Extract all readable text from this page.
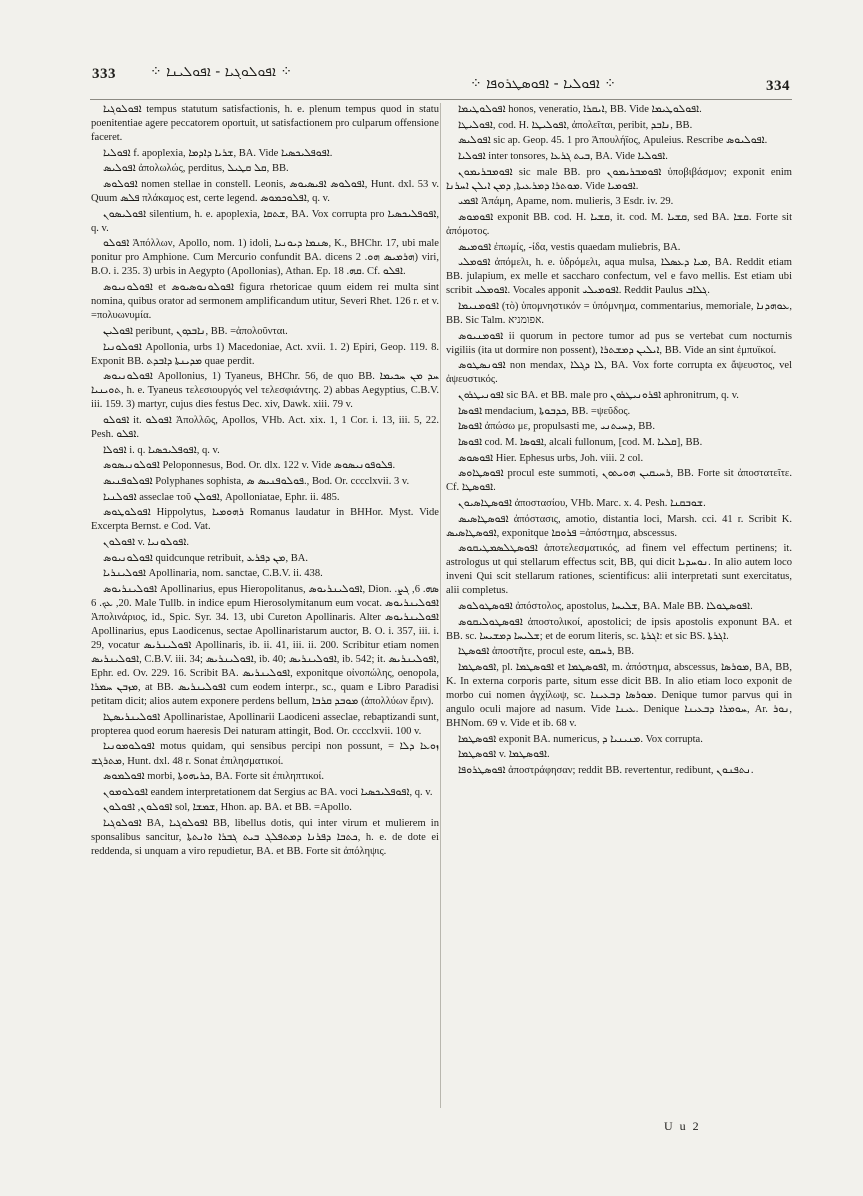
333 ⁘ ܐܦܘܠܘܓܝܐ - ܐܦܘܠܝܢܐ ⁘
⁘ ܐܦܘܠܝܐ - ܐܦܘܣܛܪܘܦܐ ⁘	334

ܐܦܘܠܘܓܝܐ tempus statutum satisfactionis, h. e. plenum tempus quod in statu poenitentiae agere peccatorem oportuit, ut satisfactionem pro culparum offensione faceret.

ܐܦܘܠܝܐ f. apoplexia, ܫܪܝܐ ܕܐܕܡܐ, BA. Vide ܐܦܘܦܠܝܟܣܝܐ.

ܐܦܘܠܝܣ ἀπολωλώς, perditus, ܩܠ ܩܛܝܠ, BB.

ܐܦܘܠܘܣ nomen stellae in constell. Leonis, ܐܦܘܠܘܣ ܐܦܝܣܝܘܣ, Hunt. dxl. 53 v. Quum ܦܠܣ πλάκαμος est, certe legend. ܐܦܠܘܟܡܘܣ, q. v.

ܐܦܘܠܝܣܘܢ silentium, h. e. apoplexia, ܫܬܩܐ, BA. Vox corrupta pro ܐܦܘܦܠܝܟܣܝܐ, q. v.

ܐܦܘܠܘ Ἀπόλλων, Apollo, nom. 1) idoli, ܣܢܡܐ ܕܝܘܢܝܐ, K., BHChr. 17, ubi male ponitur pro Amphione. Cum Mercurio confundit BA. dicens ܗܪܡܝܣ ܗܘ. 2) viri, B.O. i. 235. 3) urbis in Aegypto (Apollonias), Athan. Ep. ܩܗ. 18. Cf. ܐܦܠܘ.

ܐܦܘܠܘܢܝܘܣ et ܐܦܘܠܘܢܘܣܝܘܣ figura rhetoricae quum eidem rei multa sint nomina, quibus orator ad sermonem amplificandum utitur, Severi Rhet. 126 r. et v. =πολυωνυμία.

ܐܦܘܠܝܢ peribunt, ܢܐܒܕܘܢ, BB. =ἀπολοῦνται.

ܐܦܘܠܘܢܝܐ Apollonia, urbs 1) Macedoniae, Act. xvii. 1. 2) Epiri, Geop. 119. 8. Exponit BB. ܡܕܝܢܬܐ ܕܐܒܕܬ quae perdit.

ܐܦܘܠܘܢܝܘܣ Apollonius, 1) Tyaneus, BHChr. 56, de quo BB. ܚܕ ܡܢ ܚܟܝܡܐ ܬܘܝܢܝܐ, h. e. Tyaneus τελεσιουργός vel τελεσφιάντης. 2) abbas Aegyptius, C.B.V. iii. 159. 3) martyr, cujus dies festus Dec. xiv, Dawk. xiii. 79 v.

ܐܦܘܠܘ it. ܐܦܘܠܘ Ἀπολλῶς, Apollos, VHb. Act. xix. 1, 1 Cor. i. 13, iii. 5, 22. Pesh. ܐܦܠܘ.

ܐܦܘܠܐ i. q. ܐܦܘܦܠܝܟܣܝܐ, q. v.

ܐܦܘܠܘܢܝܣܘܣ Peloponnesus, Bod. Or. dlx. 122 v. Vide ܦܠܘܦܘܢܝܣܘܣ.

ܐܦܘܠܘܦܢܝܣ Polyphanes sophista, ܦܘܠܘܦܢܝܣ ܣ., Bod. Or. cccclxvii. 3 v.

ܐܦܘܠܢܝܐ asseclae τοῦ ܐܦܘܠܢ, Apolloniatae, Ephr. ii. 485.

ܐܦܘܠܘܛܘܣ Hippolytus, ܪܗܘܡܝܐ Romanus laudatur in BHHor. Myst. Vide Excerpta Bernst. e Cod. Vat.

ܐܦܘܠܘܢ v. ܐܦܘܠܘܢܝܐ.

ܐܦܘܠܘܢܝܘܣ quidcunque retribuit, ܡܢ ܕܦܪܥ, BA.

ܐܦܘܠܝܢܪܝܐ Apollinaria, nom. sanctae, C.B.V. ii. 438.

ܐܦܘܠܝܢܪܝܘܣ Apollinarius, epus Hieropolitanus, ܐܦܘܠܝܢܪܝܘܣ, Dion. ܣܗ. 6, ܓܨ. 20, ܥܟ. 6. Male Tullb. in indice epum Hierosolymitanum eum vocat. ܐܦܘܠܝܢܪܝܘܣ Ἀπολινάριος, id., Spic. Syr. 34. 13, ubi Cureton Apollinaris. Alter ܐܦܘܠܝܢܪܝܘܣ Apollinarius, epus Laodicenus, sectae Apollinaristarum auctor, B. O. i. 357, iii. i. 29, vocatur ܐܦܘܠܝܢܪܝܣ Apollinaris, ib. ii. 41, iii. ii. 200. Scribitur etiam nomen ܐܦܘܠܝܢܪܝܣ, C.B.V. iii. 34; ܐܦܘܠܝܢܪܝܣ, ib. 40; ܐܦܘܠܝܢܪܝܣ, ib. 542; it. ܐܦܘܠܝܢܪܝܣ, Ephr. ed. Ov. 229. 16. Scribit BA. ܐܦܘܠܝܢܪܝܣ, exponitque οἰνοπώλης, oenopola, ܡܙܒܢ ܚܡܪܐ, at BB. ܐܦܘܠܝܢܪܝܣ cum eodem interpr., sc., quam e Libro Paradisi petitam dicit; alios autem exponere perdens bellum, ܡܘܒܕ ܩܪܒܐ (ἀπολλύων ἔριν).

ܐܦܘܠܝܢܪܝܣܛܐ Apollinaristae, Apollinarii Laodiceni asseclae, rebaptizandi sunt, propterea quod eorum haeresis Dei naturam attingit, Bod. Or. cccclxvii. 100 v.

ܐܦܘܠܘܡܘܢܝܐ motus quidam, qui sensibus percipi non possunt, = ܙܘܥܐ ܕܠܐ ܡܬܪܓܫ, Hunt. dxl. 48 r. Sonat ἐπιλησματικοί.

ܐܦܘܠܡܘܣ morbi, ܟܪܝܗܘܬܐ, BA. Forte sit ἐπιληπτικοί.

ܐܦܘܠܘܡܘܢ eandem interpretationem dat Sergius ac BA. voci ܐܦܘܦܠܝܟܣܝܐ, q. v.

ܐܦܘܠܘܢ, ܐܦܘܠܘܢ sol, ܫܡܫܐ, Hhon. ap. BA. et BB. =Apollo.

ܐܦܘܠܘܓܝܐ BA, ܐܦܘܠܘܓܝܐ BB, libellus dotis, qui inter virum et mulierem in sponsalibus sancitur, ܟܬܒܐ ܕܦܪܢܐ ܕܡܬܦܠܓ ܒܝܬ ܓܒܪܐ ܘܐܢܬܬܐ, h. e. de dote ei reddenda, si unquam a viro repudietur, BA. et BB. Forte sit ἀπόληψις.

ܐܦܘܠܘܛܝܡܐ honos, veneratio, ܐܝܩܪܐ, BB. Vide ܐܦܘܠܘܛܝܡܐ.

ܐܦܘܠܝܛܐ, cod. H. ܐܦܘܠܝܛܐ, ἀπολεῖται, peribit, ܢܐܒܕ, BB.

ܐܦܘܠܝܣ sic ap. Geop. 45. 1 pro Ἀπουλήϊος, Apuleius. Rescribe ܐܦܘܠܝܘܣ.

ܐܦܘܠܝܐ inter tonsores, ܒܝܬ ܓܪܥܐ, BA. Vide ܐܦܘܠܝܐ.

ܐܦܘܡܒܪܝܡܘܢ sic male BB. pro ܐܦܘܡܒܪܝܡܘܢ ὑποβιβάσμον; exponit enim ܡܘܬܪܐ ܕܡܪܥܝܬܐ, ܕܡܢ ܐܝܠܢ ܐܚܪܢܐ. Vide ܐܦܘܡܝܐ.

ܐܦܡܝ Ἀπάμη, Apame, nom. mulieris, 3 Esdr. iv. 29.

ܐܦܘܡܘܣ exponit BB. cod. H. ܩܫܝܐ, it. cod. M. ܩܫܝܐ, sed BA. ܩܫܐ. Forte sit ἀπόμοτος.

ܐܦܘܡܝܣ ἐπωμίς, -ίδα, vestis quaedam muliebris, BA.

ܐܦܘܡܠܝ ἀπόμελι, h. e. ὑδρόμελι, aqua mulsa, ܡܝܐ ܕܥܣܠܐ, BA. Reddit etiam BB. julapium, ex melle et saccharo confectum, vel e favo mellis. Est etiam ubi scribit ܐܦܘܡܠܝ. Vocales apponit ܐܦܘܡܝܠܝ. Reddit Paulus ܓܠܐܒ.

ܐܦܘܡܢܝܡܐ (τὸ) ὑπομνηστικόν = ὑπόμνημα, commentarius, memoriale, ܥܘܗܕܢܐ, BB. Sic Talm. אפומניא.

ܐܦܘܡܢܝܘܣ ii quorum in pectore tumor ad pus se vertebat cum nocturnis vigiliis (ita ut dormire non possent), ܐܝܠܝܢ ܕܡܫܬܪܐ, BB. Vide an sint ἐμπυϊκοί.

ܐܦܘܢܣܛܘܣ non mendax, ܠܐ ܕܓܠܐ, BA. Vox forte corrupta ex ἄψευστος, vel ἀψευστικός.

ܐܦܘܢܝܛܪܘܢ sic BA. et BB. male pro ܐܦܪܘܢܝܛܪܘܢ aphronitrum, q. v.

ܐܦܘܣܐ mendacium, ܟܕܒܘܬܐ, BB. =ψεῦδος.

ܐܦܘܣܐ ἀπώσω με, propulsasti me, ܕܚܝܬܢܝ, BB.

ܐܦܘܣܐ cod. M. ܐܦܘܣܐ, alcali fullonum, [cod. M. ܩܠܝܐ], BB.

ܐܦܘܣܘܣ Hier. Ephesus urbs, Joh. viii. 2 col.

ܐܦܘܣܛܐܘܣ procul este summoti, ܪܚܝܩܝܢ ܗܘܝܬܘܢ, BB. Forte sit ἀποστατεῖτε. Cf. ܐܦܘܣܛܐ.

ܐܦܘܣܛܐܣܝܘܢ ἀποστασίου, VHb. Marc. x. 4. Pesh. ܫܘܒܩܢܐ.

ܐܦܘܣܛܐܣܝܣ ἀπόστασις, amotio, distantia loci, Marsh. cci. 41 r. Scribit K. ܐܦܘܣܛܐܣܝܣ, exponitque ܦܪܘܩܐ =ἀπόστημα, abscessus.

ܐܦܘܣܛܠܣܡܛܝܩܘܣ ἀποτελεσματικός, ad finem vel effectum pertinens; it. astrologus ut qui stellarum effectus scit, BB, qui dicit ܢܘܚܕܝܐ. In alio autem loco inveni Qui scit stellarum rationes, scientificus: alii interpretati sunt exercitatus, alii completus.

ܐܦܘܣܛܘܠܘܣ ἀπόστολος, apostolus, ܫܠܝܚܐ, BA. Male BB. ܐܦܘܣܛܘܠܐ.

ܐܦܘܣܛܘܠܝܩܘܣ ἀποστολικοί, apostolici; de ipsis apostolis exponunt BA. et BB. sc. ܫܠܝܚܐ ܕܡܫܝܚܐ; et de eorum literis, sc. ܐܓܪܬܐ: et sic BS. ܐܓܪܬܐ.

ܐܦܘܣܛܐ ἀποστῆτε, procul este, ܪܚܩܘ, BB.

ܐܦܘܣܛܡܐ, pl. ܐܦܘܣܛܡܐ et ܐܦܘܣܛܡܐ, m. ἀπόστημα, abscessus, ܡܘܪܣܐ, BA, BB, K. In externa corporis parte, situm esse dicit BB. In alio etiam loco exponit de morbo cui nomen ἀγχίλωψ, sc. ܡܘܪܣܐ ܕܒܥܝܢܐ. Denique tumor parvus qui in angulo oculi majore ad nasum. Vide ܥܝܢܐ. Denique ܚܘܡܪܐ ܕܒܥܝܢܐ, Ar. ܢܘܪ, BHNom. 69 v. Vide et ib. 68 v.

ܐܦܘܣܛܡܐ exponit BA. numericus, ܡܢܝܢܝܐ ܕ. Vox corrupta.

ܐܦܘܣܛܡܐ v. ܐܦܘܣܛܡܐ.

ܐܦܘܣܛܪܘܦܐ ἀποστράφησαν; reddit BB. revertentur, redibunt, ܢܬܦܢܘܢ.

U u 2
